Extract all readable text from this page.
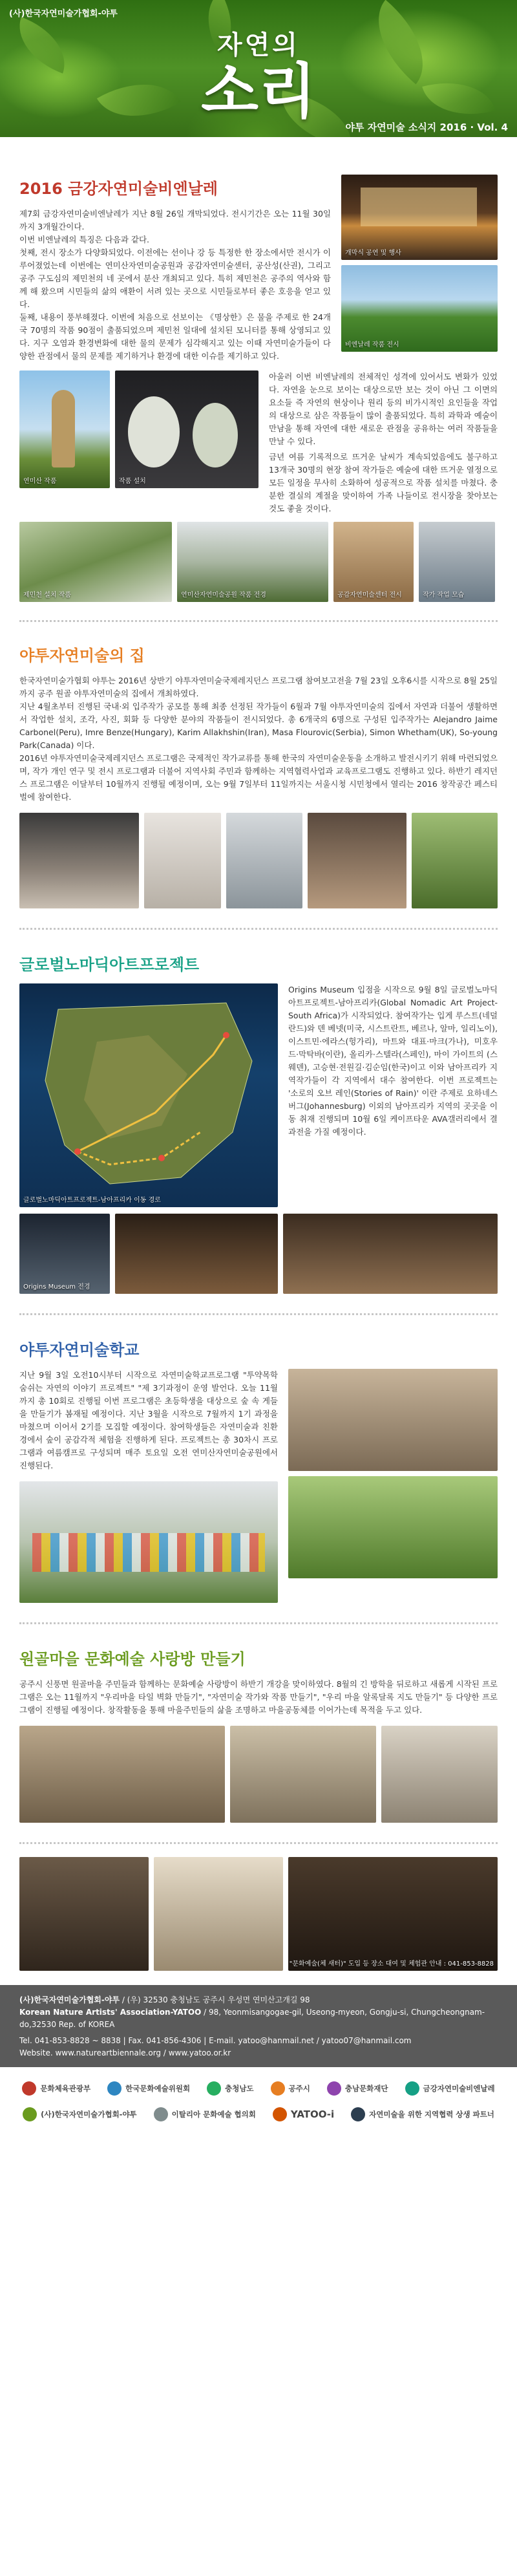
(사)한국자연미술가협회-야투
자연의
소리
야투 자연미술 소식지 2016 · Vol. 4
2016 금강자연미술비엔날레

제7회 금강자연미술비엔날레가 지난 8월 26일 개막되었다. 전시기간은 오는 11월 30일까지 3개월간이다.

이번 비엔날레의 특징은 다음과 같다.

첫째, 전시 장소가 다양화되었다. 이전에는 선이나 강 등 특정한 한 장소에서만 전시가 이루어졌었는데 이번에는 연미산자연미술공원과 공감자연미술센터, 공산성(산권), 그리고 공주 구도심의 제민천의 네 곳에서 분산 개최되고 있다. 특히 제민천은 공주의 역사와 함께 해 왔으며 시민들의 삶의 애환이 서려 있는 곳으로 시민들로부터 좋은 호응을 얻고 있다.

둘째, 내용이 풍부해졌다. 이번에 처음으로 선보이는 《명상한》은 물을 주제로 한 24개국 70명의 작품 90점이 출품되었으며 제민천 일대에 설치된 모니터를 통해 상영되고 있다. 지구 오염과 환경변화에 대한 물의 문제가 심각해지고 있는 이때 자연미술가들이 다양한 관점에서 물의 문제를 제기하거나 환경에 대한 이슈를 제기하고 있다.

개막식 공연 및 행사
비엔날레 작품 전시
연미산 작품	작품 설치

아울러 이번 비엔날레의 전체적인 성격에 있어서도 변화가 있었다. 자연을 눈으로 보이는 대상으로만 보는 것이 아닌 그 이면의 요소들 즉 자연의 현상이나 원리 등의 비가시적인 요인들을 작업의 대상으로 삼은 작품들이 많이 출품되었다. 특히 과학과 예술이 만남을 통해 자연에 대한 새로운 관점을 공유하는 여러 작품들을 만날 수 있다.

금년 여름 기록적으로 뜨거운 날씨가 계속되었음에도 불구하고 13개국 30명의 현장 참여 작가들은 예술에 대한 뜨거운 열정으로 모든 일정을 무사히 소화하여 성공적으로 작품 설치를 마쳤다. 충분한 결실의 계절을 맞이하여 가족 나들이로 전시장을 찾아보는 것도 좋을 것이다.

제민천 설치 작품	연미산자연미술공원 작품 전경	공감자연미술센터 전시	작가 작업 모습
야투자연미술의 집

한국자연미술가협회 야투는 2016년 상반기 야투자연미술국제레지던스 프로그램 참여보고전을 7월 23일 오후6시를 시작으로 8월 25일까지 공주 원골 야투자연미술의 집에서 개최하였다.

지난 4월초부터 진행된 국내·외 입주작가 공모를 통해 최종 선정된 작가들이 6월과 7월 야투자연미술의 집에서 자연과 더불어 생활하면서 작업한 설치, 조각, 사진, 회화 등 다양한 분야의 작품들이 전시되었다. 총 6개국의 6명으로 구성된 입주작가는 Alejandro Jaime Carbonel(Peru), Imre Benze(Hungary), Karim Allakhshin(Iran), Masa Flourovic(Serbia), Simon Whetham(UK), So-young Park(Canada) 이다.

2016년 야투자연미술국제레지던스 프로그램은 국제적인 작가교류를 통해 한국의 자연미술운동을 소개하고 발전시키기 위해 마련되었으며, 작가 개인 연구 및 전시 프로그램과 더불어 지역사회 주민과 함께하는 지역협력사업과 교육프로그램도 진행하고 있다. 하반기 레지던스 프로그램은 이달부터 10월까지 진행될 예정이며, 오는 9월 7일부터 11일까지는 서울시청 시민청에서 열리는 2016 창작공간 페스티벌에 참여한다.

글로벌노마딕아트프로젝트
글로벌노마딕아트프로젝트-남아프리카 이동 경로

Origins Museum 입점을 시작으로 9월 8일 글로벌노마딕아트프로젝트-남아프리카(Global Nomadic Art Project-South Africa)가 시작되었다. 참여작가는 입게 루스트(네덜란드)와 덴 베넷(미국, 시스트란트, 베르나, 알마, 일리노이), 이스트민·에라스(헝가리), 마트와 대표·마크(가나), 미호우드·막탁바(이란), 올리카·스텔라(스페인), 마이 가이트의 (스웨덴), 고승현·전원길·김순임(한국)이고 이와 남아프리카 지역작가들이 각 지역에서 대수 참여한다. 이번 프로젝트는 '소로의 오브 레인(Stories of Rain)' 이란 주제로 요하네스버그(Johannesburg) 이외의 남아프리카 지역의 곳곳을 이동 취재 진행되며 10월 6일 케이프타운 AVA갤러리에서 결과전을 가질 예정이다.

Origins Museum 전경
야투자연미술학교

지난 9월 3일 오전10시부터 시작으로 자연미술학교프로그램 "투약목학 숨쉬는 자연의 이야기 프로젝트" "제 3기과정이 운영 발언다. 오늘 11월까지 총 10회로 진행될 이번 프로그램은 초등학생을 대상으로 숲 속 게들을 만들기가 봄재될 예정이다. 지난 3월을 시작으로 7월까지 1기 과정을 마쳤으며 이어서 2기를 모집할 예정이다. 참여학생들은 자연미술과 친환경에서 숲이 공감각적 체험을 진행하게 된다. 프로젝트는 총 30차시 프로그램과 여름캠프로 구성되며 매주 토요일 오전 연미산자연미술공원에서 진행된다.

원골마을 문화예술 사랑방 만들기

공주시 신풍면 원골마을 주민들과 함께하는 문화예술 사랑방이 하반기 개강을 맞이하였다. 8월의 긴 방학을 뒤로하고 새롭게 시작된 프로그램은 오는 11월까지 "우리마을 타일 벽화 만들기", "자연미술 작가와 작품 만들기", "우리 마을 알록달록 지도 만들기" 등 다양한 프로그램이 진행될 예정이다. 창작활동을 통해 마을주민들의 삶을 조명하고 마을공동체를 이어가는데 목적을 두고 있다.

"문화예술(체 새터)" 도입 등 장소 대여 및 체험관 안내 : 041-853-8828
(사)한국자연미술가협회-야투 / (우) 32530 충청남도 공주시 우성면 연미산고개길 98
Korean Nature Artists' Association-YATOO / 98, Yeonmisangogae-gil, Useong-myeon, Gongju-si, Chungcheongnam-do,32530 Rep. of KOREA
Tel. 041-853-8828 ~ 8838 | Fax. 041-856-4306 | E-mail. yatoo@hanmail.net / yatoo07@hanmail.com
Website. www.natureartbiennale.org / www.yatoo.or.kr
문화체육관광부	한국문화예술위원회	충청남도	공주시	충남문화재단	금강자연미술비엔날레
(사)한국자연미술가협회-야투	이탈리아 문화예술 협의회	YATOO-i	자연미술을 위한 지역협력 상생 파트너
